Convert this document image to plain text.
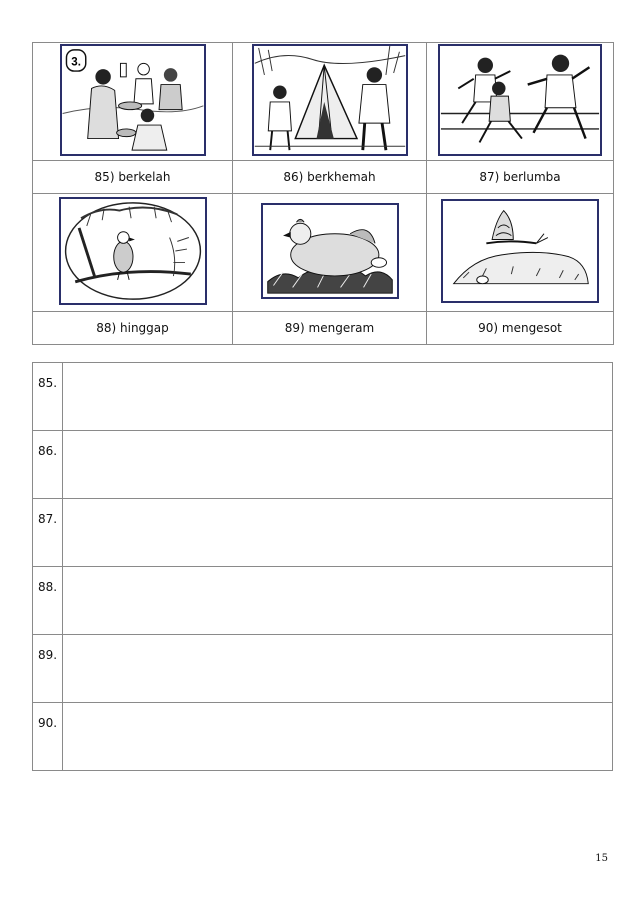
3.

85) berkelah	86) berkhemah	87) berlumba

88) hinggap	89) mengeram	90) mengesot
85.	
86.	
87.	
88.	
89.	
90.	
15
